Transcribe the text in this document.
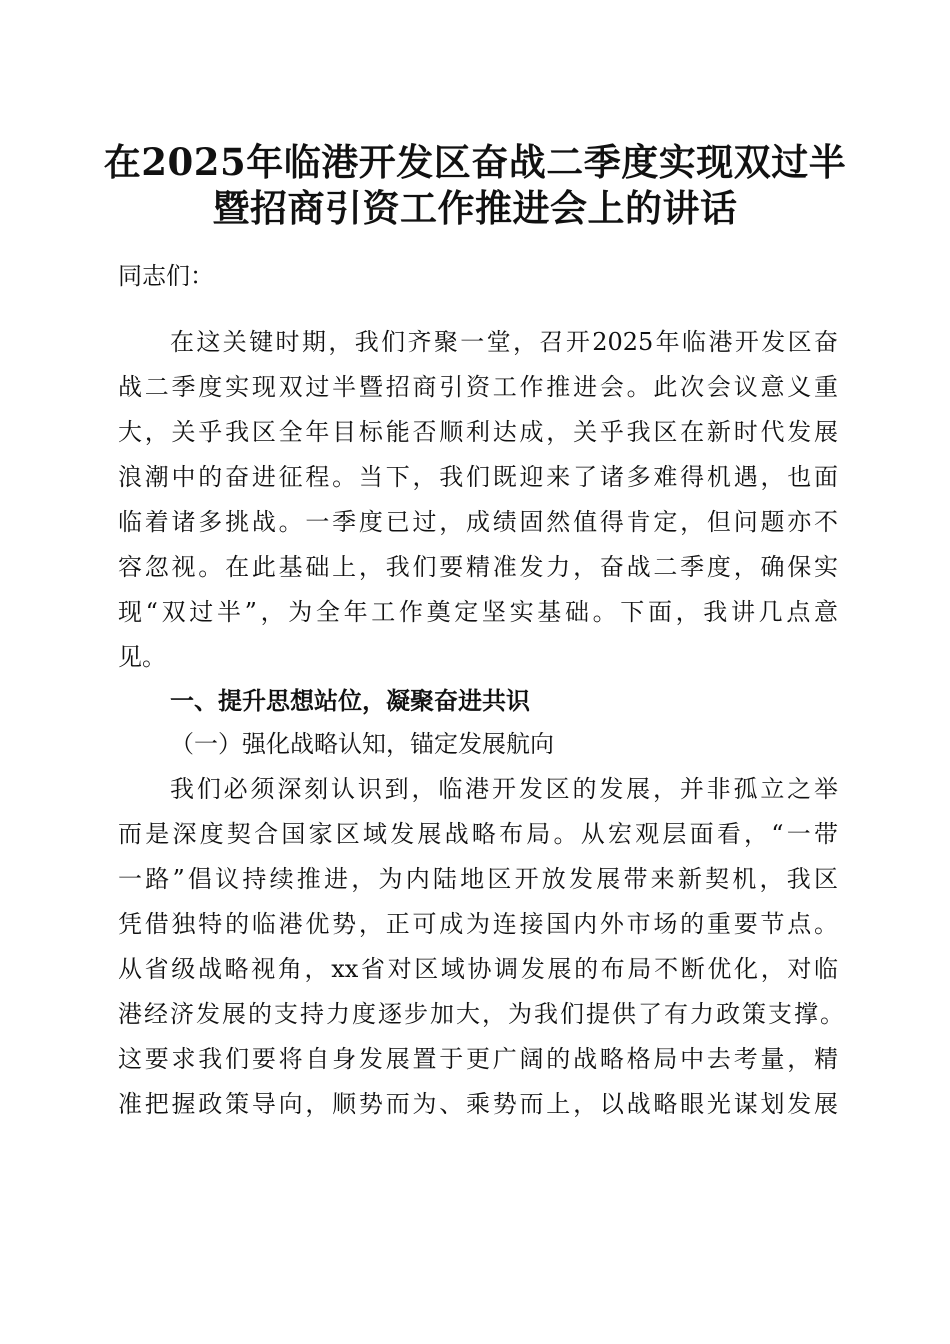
在2025年临港开发区奋战二季度实现双过半
暨招商引资工作推进会上的讲话
同志们：
在这关键时期，我们齐聚一堂，召开2025年临港开发区奋
战二季度实现双过半暨招商引资工作推进会。此次会议意义重
大，关乎我区全年目标能否顺利达成，关乎我区在新时代发展
浪潮中的奋进征程。当下，我们既迎来了诸多难得机遇，也面
临着诸多挑战。一季度已过，成绩固然值得肯定，但问题亦不
容忽视。在此基础上，我们要精准发力，奋战二季度，确保实
现“双过半”，为全年工作奠定坚实基础。下面，我讲几点意
见。
一、提升思想站位，凝聚奋进共识
（一）强化战略认知，锚定发展航向
我们必须深刻认识到，临港开发区的发展，并非孤立之举
而是深度契合国家区域发展战略布局。从宏观层面看，“一带
一路”倡议持续推进，为内陆地区开放发展带来新契机，我区
凭借独特的临港优势，正可成为连接国内外市场的重要节点。
从省级战略视角，xx省对区域协调发展的布局不断优化，对临
港经济发展的支持力度逐步加大，为我们提供了有力政策支撑。
这要求我们要将自身发展置于更广阔的战略格局中去考量，精
准把握政策导向，顺势而为、乘势而上，以战略眼光谋划发展
